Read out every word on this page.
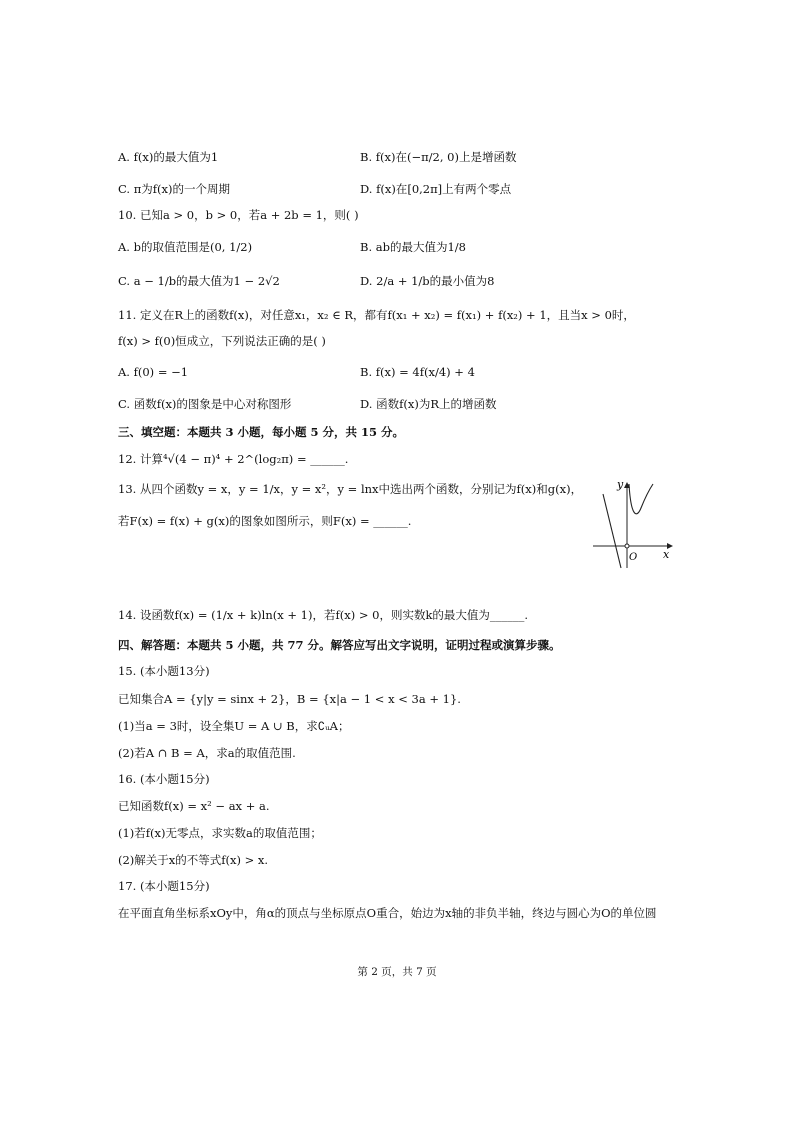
A. f(x)的最大值为1	B. f(x)在(−π/2, 0)上是增函数
C. π为f(x)的一个周期	D. f(x)在[0,2π]上有两个零点
10. 已知a > 0，b > 0，若a + 2b = 1，则( )
A. b的取值范围是(0, 1/2)	B. ab的最大值为1/8
C. a − 1/b的最大值为1 − 2√2	D. 2/a + 1/b的最小值为8
11. 定义在R上的函数f(x)，对任意x₁，x₂ ∈ R，都有f(x₁ + x₂) = f(x₁) + f(x₂) + 1，且当x > 0时，
f(x) > f(0)恒成立，下列说法正确的是( )
A. f(0) = −1	B. f(x) = 4f(x/4) + 4
C. 函数f(x)的图象是中心对称图形	D. 函数f(x)为R上的增函数
三、填空题：本题共 3 小题，每小题 5 分，共 15 分。
12. 计算⁴√(4 − π)⁴ + 2^(log₂π) = ______.
13. 从四个函数y = x，y = 1/x，y = x²，y = lnx中选出两个函数，分别记为f(x)和g(x)，
若F(x) = f(x) + g(x)的图象如图所示，则F(x) = ______.
y
x
O
14. 设函数f(x) = (1/x + k)ln(x + 1)，若f(x) > 0，则实数k的最大值为______.
四、解答题：本题共 5 小题，共 77 分。解答应写出文字说明，证明过程或演算步骤。
15. (本小题13分)
已知集合A = {y|y = sinx + 2}，B = {x|a − 1 < x < 3a + 1}.
(1)当a = 3时，设全集U = A ∪ B，求∁ᵤA；
(2)若A ∩ B = A，求a的取值范围.
16. (本小题15分)
已知函数f(x) = x² − ax + a.
(1)若f(x)无零点，求实数a的取值范围；
(2)解关于x的不等式f(x) > x.
17. (本小题15分)
在平面直角坐标系xOy中，角α的顶点与坐标原点O重合，始边为x轴的非负半轴，终边与圆心为O的单位圆
第 2 页，共 7 页
